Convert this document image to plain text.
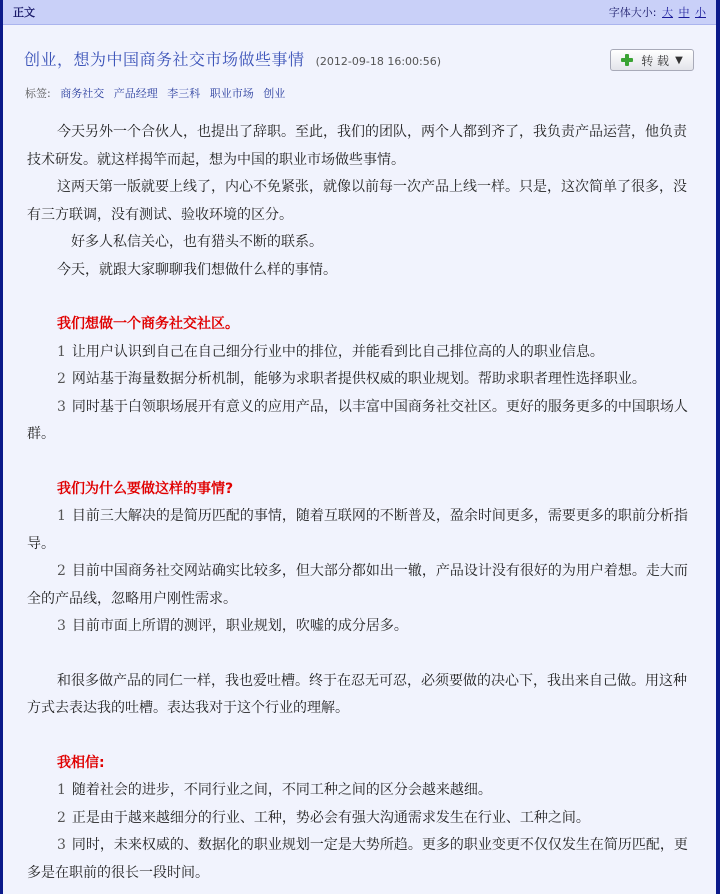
正文	字体大小: 大 中 小
创业，想为中国商务社交市场做些事情 (2012-09-18 16:00:56)	转 载 ▼
标签: 商务社交 产品经理 李三科 职业市场 创业

今天另外一个合伙人，也提出了辞职。至此，我们的团队，两个人都到齐了，我负责产品运营，他负责技术研发。就这样揭竿而起，想为中国的职业市场做些事情。

这两天第一版就要上线了，内心不免紧张，就像以前每一次产品上线一样。只是，这次简单了很多，没有三方联调，没有测试、验收环境的区分。

好多人私信关心，也有猎头不断的联系。

今天，就跟大家聊聊我们想做什么样的事情。

我们想做一个商务社交社区。

1 让用户认识到自己在自己细分行业中的排位，并能看到比自己排位高的人的职业信息。

2 网站基于海量数据分析机制，能够为求职者提供权威的职业规划。帮助求职者理性选择职业。

3 同时基于白领职场展开有意义的应用产品，以丰富中国商务社交社区。更好的服务更多的中国职场人群。

我们为什么要做这样的事情?

1 目前三大解决的是简历匹配的事情，随着互联网的不断普及，盈余时间更多，需要更多的职前分析指导。

2 目前中国商务社交网站确实比较多，但大部分都如出一辙，产品设计没有很好的为用户着想。走大而全的产品线，忽略用户刚性需求。

3 目前市面上所谓的测评，职业规划，吹嘘的成分居多。

和很多做产品的同仁一样，我也爱吐槽。终于在忍无可忍，必须要做的决心下，我出来自己做。用这种方式去表达我的吐槽。表达我对于这个行业的理解。

我相信:

1 随着社会的进步，不同行业之间，不同工种之间的区分会越来越细。

2 正是由于越来越细分的行业、工种，势必会有强大沟通需求发生在行业、工种之间。

3 同时，未来权威的、数据化的职业规划一定是大势所趋。更多的职业变更不仅仅发生在简历匹配，更多是在职前的很长一段时间。
